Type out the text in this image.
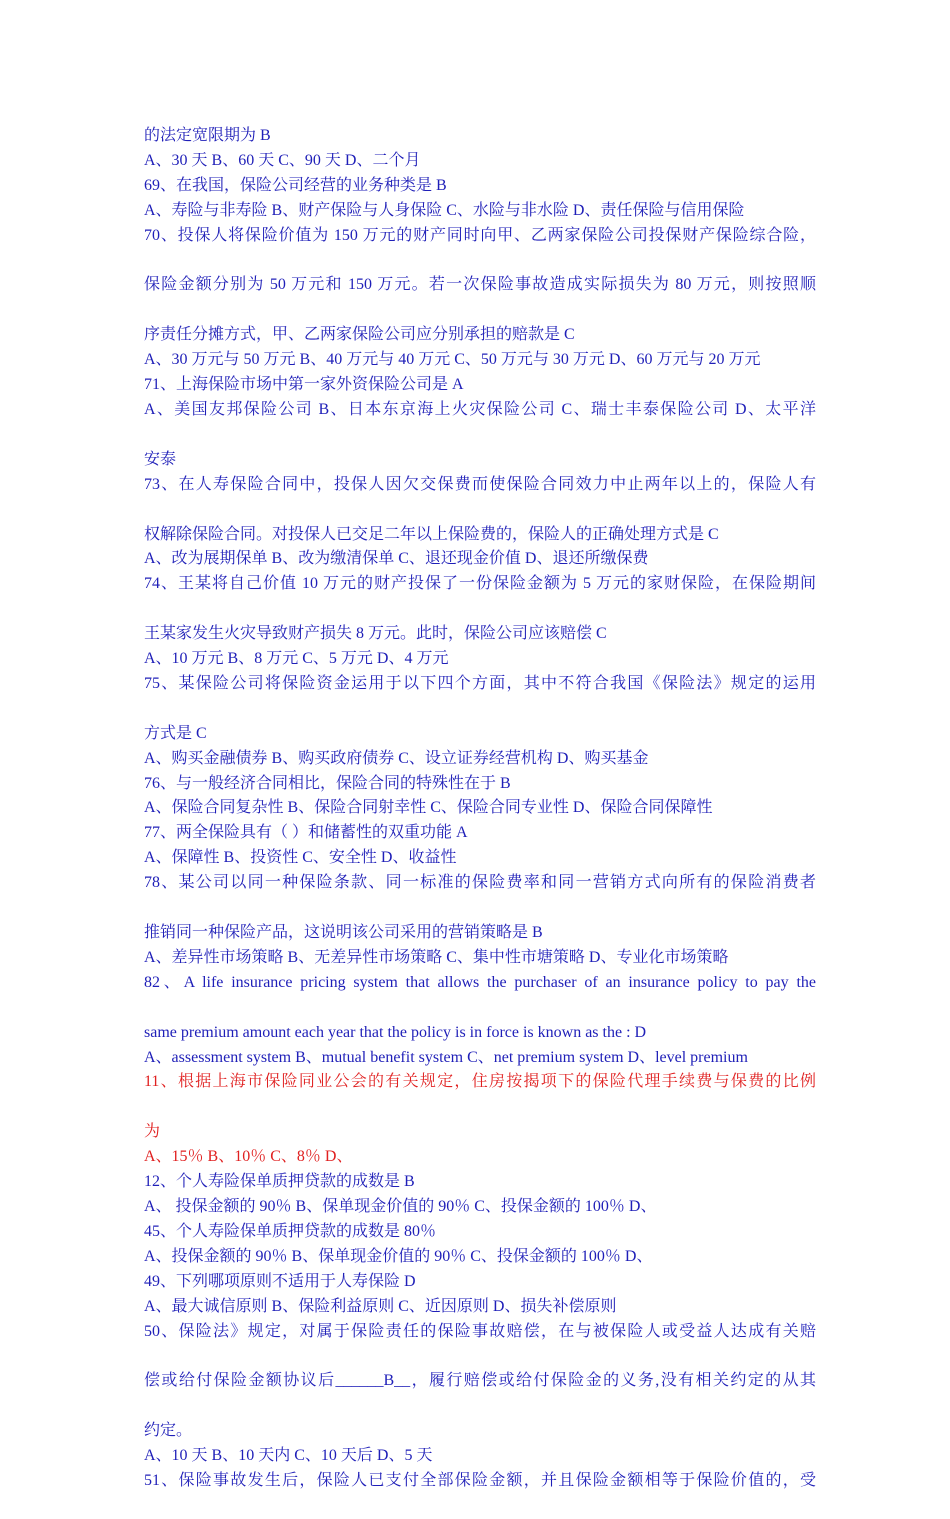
的法定宽限期为 B
A、30 天 B、60 天 C、90 天 D、二个月
69、在我国，保险公司经营的业务种类是 B
A、寿险与非寿险 B、财产保险与人身保险 C、水险与非水险 D、责任保险与信用保险
70、投保人将保险价值为 150 万元的财产同时向甲、乙两家保险公司投保财产保险综合险，
保险金额分别为 50 万元和 150 万元。若一次保险事故造成实际损失为 80 万元，则按照顺
序责任分摊方式，甲、乙两家保险公司应分别承担的赔款是 C
A、30 万元与 50 万元 B、40 万元与 40 万元 C、50 万元与 30 万元 D、60 万元与 20 万元
71、上海保险市场中第一家外资保险公司是 A
A、美国友邦保险公司 B、日本东京海上火灾保险公司 C、瑞士丰泰保险公司 D、太平洋
安泰
73、在人寿保险合同中，投保人因欠交保费而使保险合同效力中止两年以上的，保险人有
权解除保险合同。对投保人已交足二年以上保险费的，保险人的正确处理方式是 C
A、改为展期保单 B、改为缴清保单 C、退还现金价值 D、退还所缴保费
74、王某将自己价值 10 万元的财产投保了一份保险金额为 5 万元的家财保险，在保险期间
王某家发生火灾导致财产损失 8 万元。此时，保险公司应该赔偿 C
A、10 万元 B、8 万元 C、5 万元 D、4 万元
75、某保险公司将保险资金运用于以下四个方面，其中不符合我国《保险法》规定的运用
方式是 C
A、购买金融债券 B、购买政府债券 C、设立证券经营机构 D、购买基金
76、与一般经济合同相比，保险合同的特殊性在于 B
A、保险合同复杂性 B、保险合同射幸性 C、保险合同专业性 D、保险合同保障性
77、两全保险具有（ ）和储蓄性的双重功能 A
A、保障性 B、投资性 C、安全性 D、收益性
78、某公司以同一种保险条款、同一标准的保险费率和同一营销方式向所有的保险消费者
推销同一种保险产品，这说明该公司采用的营销策略是 B
A、差异性市场策略 B、无差异性市场策略 C、集中性市塘策略 D、专业化市场策略
82、A life insurance pricing system that allows the purchaser of an insurance policy to pay the
same premium amount each year that the policy is in force is known as the : D
A、assessment system B、mutual benefit system C、net premium system D、level premium
11、根据上海市保险同业公会的有关规定，住房按揭项下的保险代理手续费与保费的比例
为
A、15％ B、10％ C、8％ D、
12、个人寿险保单质押贷款的成数是 B
A、 投保金额的 90％ B、保单现金价值的 90％ C、投保金额的 100％ D、
45、个人寿险保单质押贷款的成数是 80％
A、投保金额的 90％ B、保单现金价值的 90％ C、投保金额的 100％ D、
49、下列哪项原则不适用于人寿保险 D
A、最大诚信原则 B、保险利益原则 C、近因原则 D、损失补偿原则
50、保险法》规定，对属于保险责任的保险事故赔偿，在与被保险人或受益人达成有关赔
偿或给付保险金额协议后______B__，履行赔偿或给付保险金的义务,没有相关约定的从其
约定。
A、10 天 B、10 天内 C、10 天后 D、5 天
51、保险事故发生后，保险人已支付全部保险金额，并且保险金额相等于保险价值的，受
